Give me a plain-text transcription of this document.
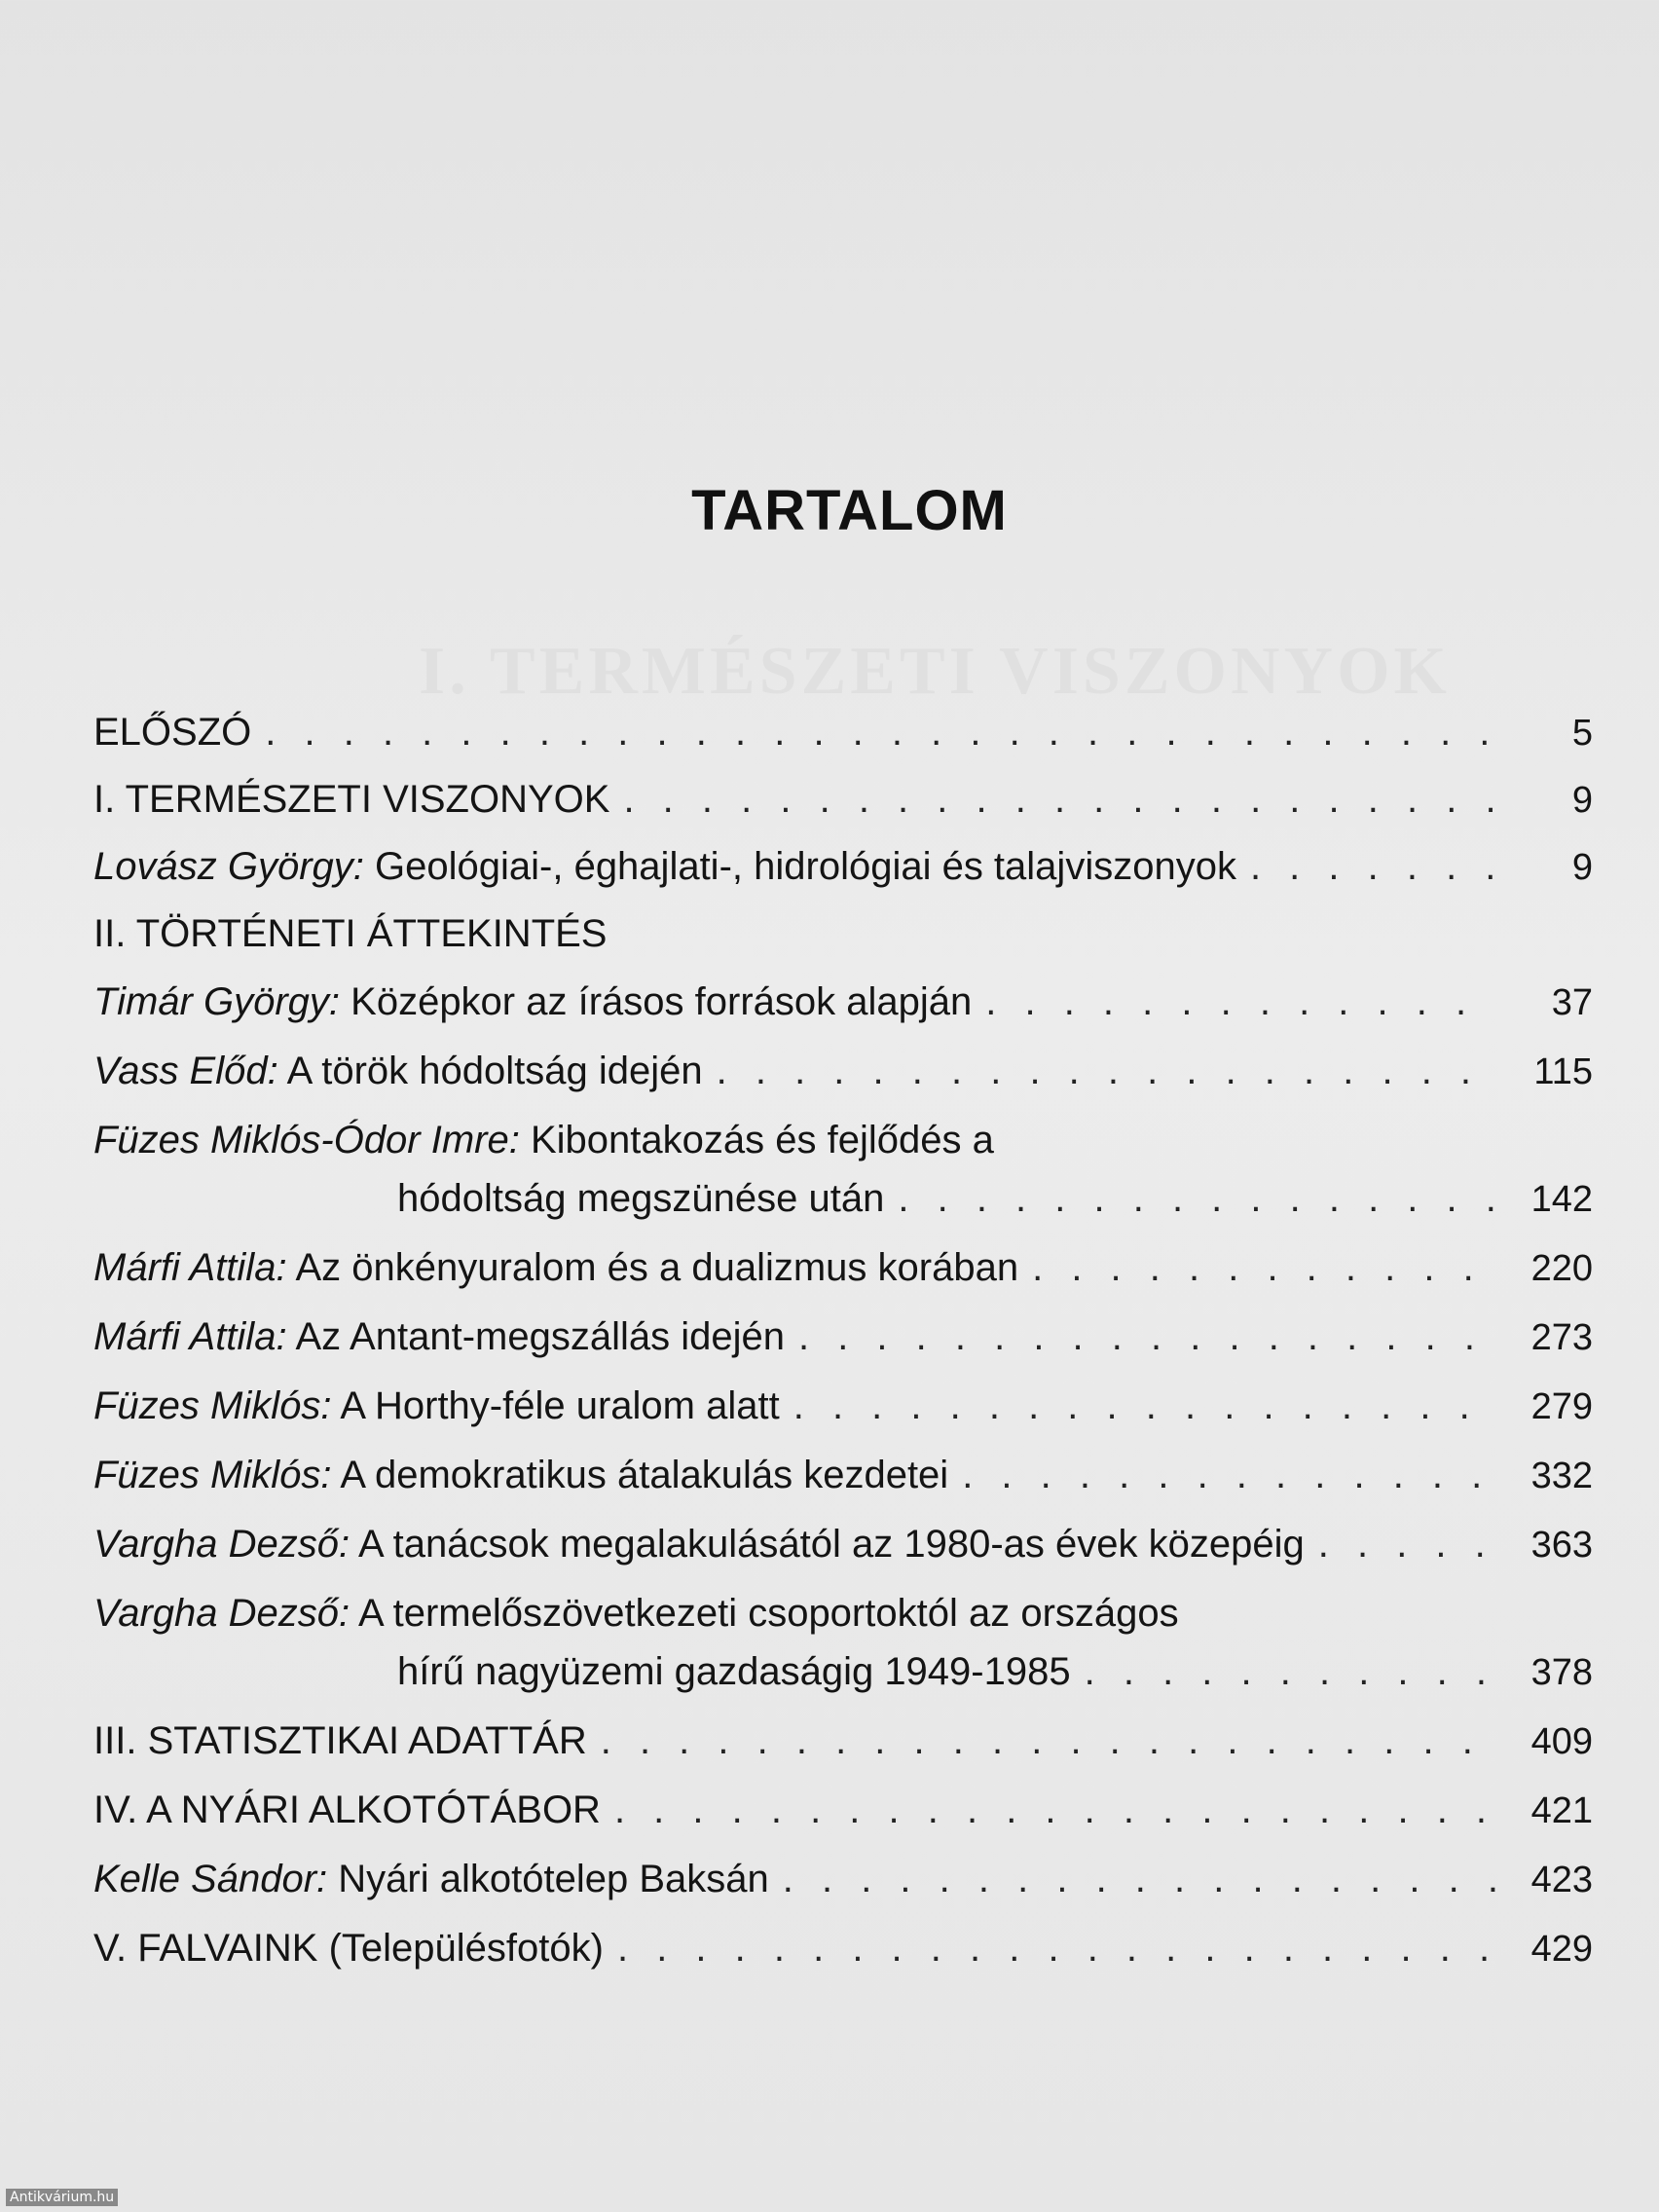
TARTALOM
ELŐSZÓ . . .	5
I. TERMÉSZETI VISZONYOK . . .	9
Lovász György: Geológiai-, éghajlati-, hidrológiai és talajviszonyok . . .	9
II. TÖRTÉNETI ÁTTEKINTÉS
Timár György: Középkor az írásos források alapján . . .	37
Vass Előd: A török hódoltság idején . . .	115
Füzes Miklós-Ódor Imre: Kibontakozás és fejlődés a
hódoltság megszünése után . . .	142
Márfi Attila: Az önkényuralom és a dualizmus korában . . .	220
Márfi Attila: Az Antant-megszállás idején . . .	273
Füzes Miklós: A Horthy-féle uralom alatt . . .	279
Füzes Miklós: A demokratikus átalakulás kezdetei . . .	332
Vargha Dezső: A tanácsok megalakulásától az 1980-as évek közepéig . . .	363
Vargha Dezső: A termelőszövetkezeti csoportoktól az országos
hírű nagyüzemi gazdaságig 1949-1985 . . .	378
III. STATISZTIKAI ADATTÁR . . .	409
IV. A NYÁRI ALKOTÓTÁBOR . . .	421
Kelle Sándor: Nyári alkotótelep Baksán . . .	423
V. FALVAINK (Településfotók) . . .	429
Antikvárium.hu
